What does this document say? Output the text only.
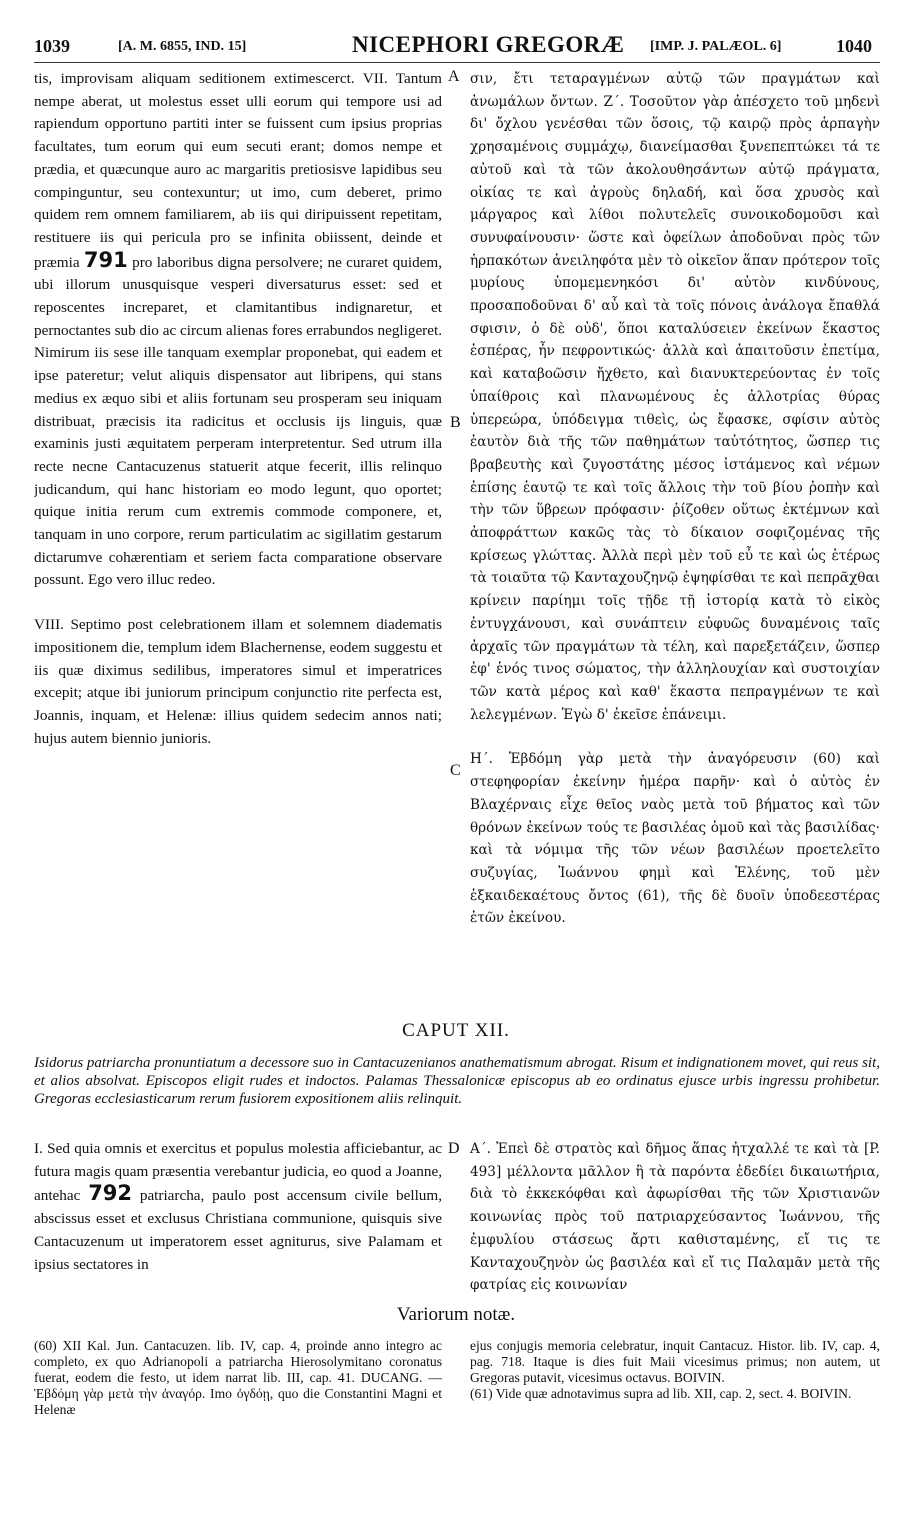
1039	[A. M. 6855, IND. 15]	NICEPHORI GREGORÆ [IMP. J. PALÆOL. 6]	1040
A
B
C
D

tis, improvisam aliquam seditionem extimescerct. VII. Tantum nempe aberat, ut molestus esset ulli eorum qui tempore usi ad rapiendum opportuno partiti inter se fuissent cum ipsius proprias facultates, tum eorum qui eum secuti erant; domos nempe et prædia, et quæcunque auro ac margaritis pretiosisve lapidibus seu compinguntur, seu contexuntur; ut imo, cum deberet, primo quidem rem omnem familiarem, ab iis qui diripuissent repetitam, restituere iis qui pericula pro se infinita obiissent, deinde et præmia 791 pro laboribus digna persolvere; ne curaret quidem, ubi illorum unusquisque vesperi diversaturus esset: sed et reposcentes increparet, et clamitantibus indignaretur, et pernoctantes sub dio ac circum alienas fores errabundos negligeret. Nimirum iis sese ille tanquam exemplar proponebat, qui eadem et ipse pateretur; velut aliquis dispensator aut libripens, qui stans medius ex æquo sibi et aliis fortunam seu prosperam seu iniquam distribuat, præcisis ita radicitus et occlusis ijs linguis, quæ examinis justi æquitatem perperam interpretentur. Sed utrum illa recte necne Cantacuzenus statuerit atque fecerit, illis relinquo judicandum, qui hanc historiam eo modo legunt, quo oportet; quique initia rerum cum extremis commode componere, et, tanquam in uno corpore, rerum particulatim ac sigillatim gestarum dictarumve cohærentiam et seriem facta comparatione observare possunt. Ego vero illuc redeo.

VIII. Septimo post celebrationem illam et solemnem diadematis impositionem die, templum idem Blachernense, eodem suggestu et iis quæ diximus sedilibus, imperatores simul et imperatrices excepit; atque ibi juniorum principum conjunctio rite perfecta est, Joannis, inquam, et Helenæ: illius quidem sedecim annos nati; hujus autem biennio junioris.

σιν, ἔτι τεταραγμένων αὐτῷ τῶν πραγμάτων καὶ ἀνωμάλων ὄντων. Ζ΄. Τοσοῦτον γὰρ ἀπέσχετο τοῦ μηδενὶ δι' ὄχλου γενέσθαι τῶν ὅσοις, τῷ καιρῷ πρὸς ἁρπαγὴν χρησαμένοις συμμάχῳ, διανείμασθαι ξυνεπεπτώκει τά τε αὐτοῦ καὶ τὰ τῶν ἀκολουθησάντων αὐτῷ πράγματα, οἰκίας τε καὶ ἀγροὺς δηλαδή, καὶ ὅσα χρυσὸς καὶ μάργαρος καὶ λίθοι πολυτελεῖς συνοικοδομοῦσι καὶ συνυφαίνουσιν· ὥστε καὶ ὀφείλων ἀποδοῦναι πρὸς τῶν ἡρπακότων ἀνειληφότα μὲν τὸ οἰκεῖον ἅπαν πρότερον τοῖς μυρίους ὑπομεμενηκόσι δι' αὐτὸν κινδύνους, προσαποδοῦναι δ' αὖ καὶ τὰ τοῖς πόνοις ἀνάλογα ἔπαθλά σφισιν, ὁ δὲ οὐδ', ὅποι καταλύσειεν ἐκείνων ἕκαστος ἑσπέρας, ἦν πεφροντικώς· ἀλλὰ καὶ ἀπαιτοῦσιν ἐπετίμα, καὶ καταβοῶσιν ἤχθετο, καὶ διανυκτερεύοντας ἐν τοῖς ὑπαίθροις καὶ πλανωμένους ἐς ἀλλοτρίας θύρας ὑπερεώρα, ὑπόδειγμα τιθεὶς, ὡς ἔφασκε, σφίσιν αὐτὸς ἑαυτὸν διὰ τῆς τῶν παθημάτων ταὐτότητος, ὥσπερ τις βραβευτὴς καὶ ζυγοστάτης μέσος ἱστάμενος καὶ νέμων ἐπίσης ἑαυτῷ τε καὶ τοῖς ἄλλοις τὴν τοῦ βίου ῥοπὴν καὶ τὴν τῶν ὕβρεων πρόφασιν· ῥίζοθεν οὕτως ἐκτέμνων καὶ ἀποφράττων κακῶς τὰς τὸ δίκαιον σοφιζομένας τῆς κρίσεως γλώττας. Ἀλλὰ περὶ μὲν τοῦ εὖ τε καὶ ὡς ἑτέρως τὰ τοιαῦτα τῷ Κανταχουζηνῷ ἐψηφίσθαι τε καὶ πεπρᾶχθαι κρίνειν παρίημι τοῖς τῇδε τῇ ἱστορίᾳ κατὰ τὸ εἰκὸς ἐντυγχάνουσι, καὶ συνάπτειν εὐφυῶς δυναμένοις ταῖς ἀρχαῖς τῶν πραγμάτων τὰ τέλη, καὶ παρεξετάζειν, ὥσπερ ἐφ' ἑνός τινος σώματος, τὴν ἀλληλουχίαν καὶ συστοιχίαν τῶν κατὰ μέρος καὶ καθ' ἕκαστα πεπραγμένων τε καὶ λελεγμένων. Ἐγὼ δ' ἐκεῖσε ἐπάνειμι.

Η΄. Ἑβδόμη γὰρ μετὰ τὴν ἀναγόρευσιν (60) καὶ στεφηφορίαν ἐκείνην ἡμέρα παρῆν· καὶ ὁ αὐτὸς ἐν Βλαχέρναις εἶχε θεῖος ναὸς μετὰ τοῦ βήματος καὶ τῶν θρόνων ἐκείνων τούς τε βασιλέας ὁμοῦ καὶ τὰς βασιλίδας· καὶ τὰ νόμιμα τῆς τῶν νέων βασιλέων προετελεῖτο συζυγίας, Ἰωάννου φημὶ καὶ Ἑλένης, τοῦ μὲν ἑξκαιδεκαέτους ὄντος (61), τῆς δὲ δυοῖν ὑποδεεστέρας ἐτῶν ἐκείνου.

CAPUT XII.
Isidorus patriarcha pronuntiatum a decessore suo in Cantacuzenianos anathematismum abrogat. Risum et indignationem movet, qui reus sit, et alios absolvat. Episcopos eligit rudes et indoctos. Palamas Thessalonicæ episcopus ab eo ordinatus ejusce urbis ingressu prohibetur. Gregoras ecclesiasticarum rerum fusiorem expositionem aliis relinquit.

I. Sed quia omnis et exercitus et populus molestia afficiebantur, ac futura magis quam præsentia verebantur judicia, eo quod a Joanne, antehac 792 patriarcha, paulo post accensum civile bellum, abscissus esset et exclusus Christiana communione, quisquis sive Cantacuzenum ut imperatorem esset agniturus, sive Palamam et ipsius sectatores in

Α΄. Ἐπεὶ δὲ στρατὸς καὶ δῆμος ἅπας ἠτχαλλέ τε καὶ τὰ [P. 493] μέλλοντα μᾶλλον ἢ τὰ παρόντα ἐδεδίει δικαιωτήρια, διὰ τὸ ἐκκεκόφθαι καὶ ἀφωρίσθαι τῆς τῶν Χριστιανῶν κοινωνίας πρὸς τοῦ πατριαρχεύσαντος Ἰωάννου, τῆς ἐμφυλίου στάσεως ἄρτι καθισταμένης, εἴ τις τε Κανταχουζηνὸν ὡς βασιλέα καὶ εἴ τις Παλαμᾶν μετὰ τῆς φατρίας εἰς κοινωνίαν

Variorum notæ.

(60) XII Kal. Jun. Cantacuzen. lib. IV, cap. 4, proinde anno integro ac completo, ex quo Adrianopoli a patriarcha Hierosolymitano coronatus fuerat, eodem die festo, ut idem narrat lib. III, cap. 41. DUCANG. — Ἑβδόμη γὰρ μετὰ τὴν ἀναγόρ. Imo ὀγδόῃ, quo die Constantini Magni et Helenæ

ejus conjugis memoria celebratur, inquit Cantacuz. Histor. lib. IV, cap. 4, pag. 718. Itaque is dies fuit Maii vicesimus primus; non autem, ut Gregoras putavit, vicesimus octavus. BOIVIN.

(61) Vide quæ adnotavimus supra ad lib. XII, cap. 2, sect. 4. BOIVIN.
